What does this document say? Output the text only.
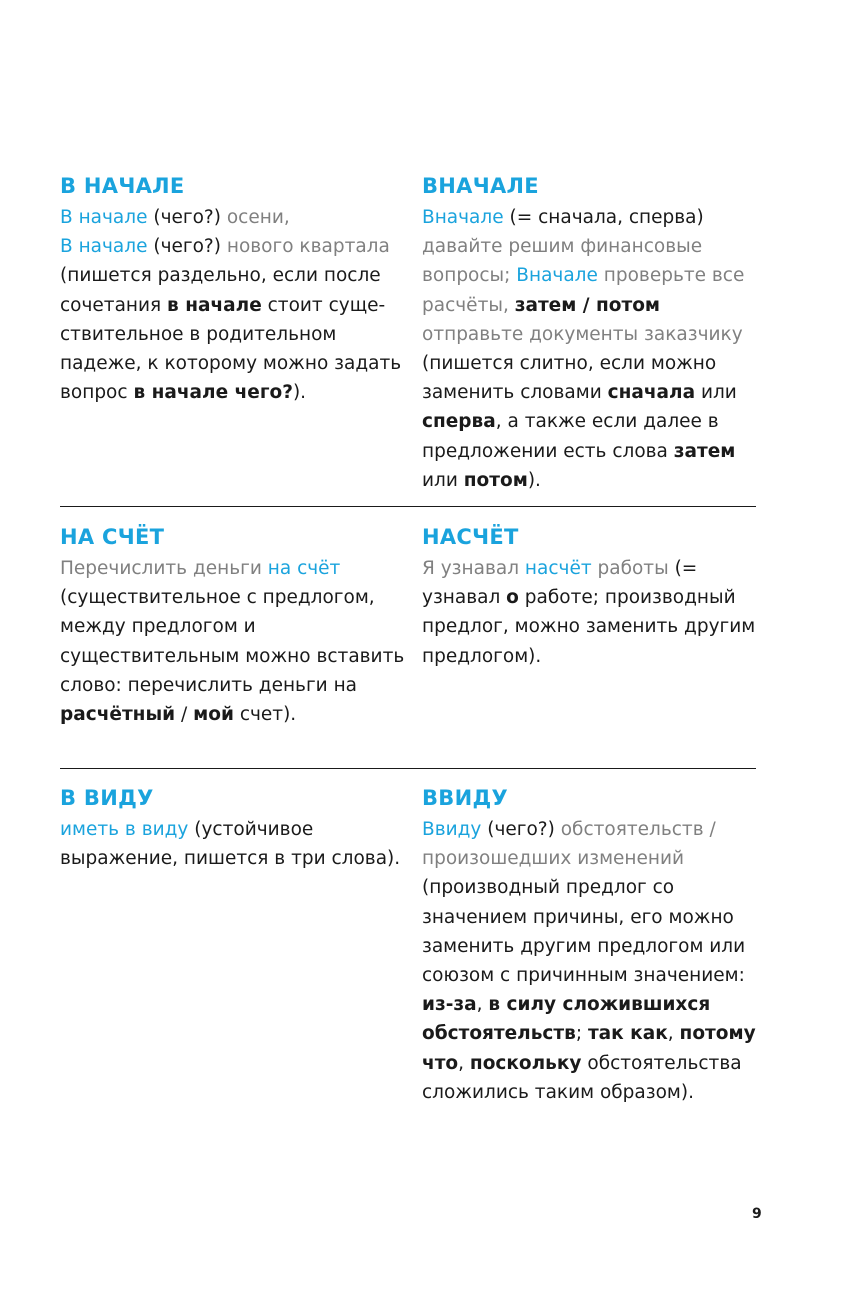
В НАЧАЛЕ

В начале (чего?) осени,
В начале (чего?) нового квартала (пишется раздельно, если после сочетания в начале стоит существительное в родительном падеже, к которому можно задать вопрос в начале чего?).

ВНАЧАЛЕ

Вначале (= сначала, сперва) давайте решим финансовые вопросы; Вначале проверьте все расчёты, затем / потом отправьте документы заказчику (пишется слитно, если можно заменить словами сначала или сперва, а также если далее в предложении есть слова затем или потом).

НА СЧЁТ

Перечислить деньги на счёт (существительное с предлогом, между предлогом и существительным можно вставить слово: перечислить деньги на расчётный / мой счет).

НАСЧЁТ

Я узнавал насчёт работы (= узнавал о работе; производный предлог, можно заменить другим предлогом).

В ВИДУ

иметь в виду (устойчивое выражение, пишется в три слова).

ВВИДУ

Ввиду (чего?) обстоятельств / произошедших изменений (производный предлог со значением причины, его можно заменить другим предлогом или союзом с причинным значением: из-за, в силу сложившихся обстоятельств; так как, потому что, поскольку обстоятельства сложились таким образом).

9
